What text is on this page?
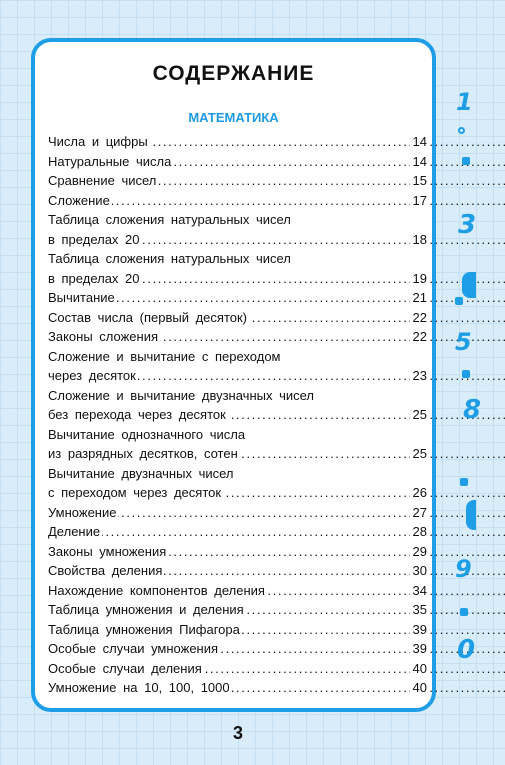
СОДЕРЖАНИЕ
МАТЕМАТИКА
. . .
Числа и цифры	14
. . .
Натуральные числа	14
. . .
Сравнение чисел	15
. . .
Сложение	17
Таблица сложения натуральных чисел
. . .
в пределах 20	18
Таблица сложения натуральных чисел
. . .
в пределах 20	19
. . .
Вычитание	21
. . .
Состав числа (первый десяток)	22
. . .
Законы сложения	22
Сложение и вычитание с переходом
. . .
через десяток	23
Сложение и вычитание двузначных чисел
. . .
без перехода через десяток	25
Вычитание однозначного числа
. . .
из разрядных десятков, сотен	25
Вычитание двузначных чисел
. . .
с переходом через десяток	26
. . .
Умножение	27
. . .
Деление	28
. . .
Законы умножения	29
. . .
Свойства деления	30
. . .
Нахождение компонентов деления	34
. . .
Таблица умножения и деления	35
. . .
Таблица умножения Пифагора	39
. . .
Особые случаи умножения	39
. . .
Особые случаи деления	40
. . .
Умножение на 10, 100, 1000	40
3
1
3
5
8
9
0
